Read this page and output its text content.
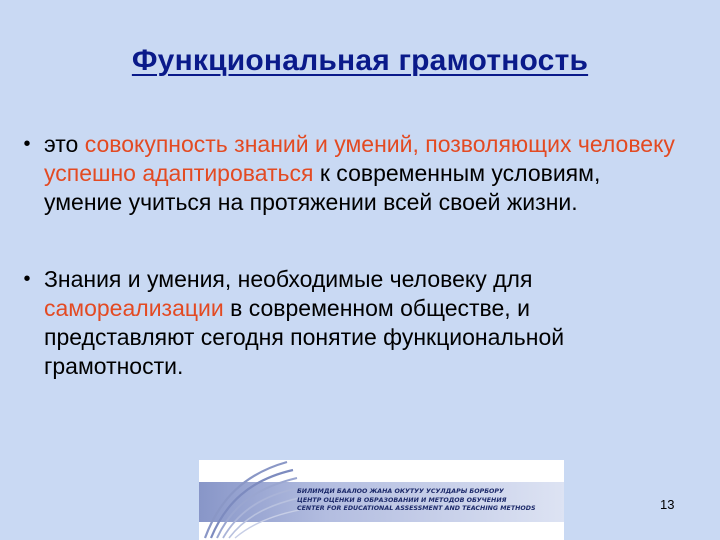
Функциональная грамотность
• это совокупность знаний и умений, позволяющих человеку успешно адаптироваться к современным условиям, умение учиться на протяжении всей своей жизни.
• Знания и умения, необходимые человеку для самореализации в современном обществе, и представляют сегодня понятие функциональной грамотности.
БИЛИМДИ БААЛОО ЖАНА ОКУТУУ УСУЛДАРЫ БОРБОРУ
ЦЕНТР ОЦЕНКИ В ОБРАЗОВАНИИ И МЕТОДОВ ОБУЧЕНИЯ
CENTER FOR EDUCATIONAL ASSESSMENT AND TEACHING METHODS	13
